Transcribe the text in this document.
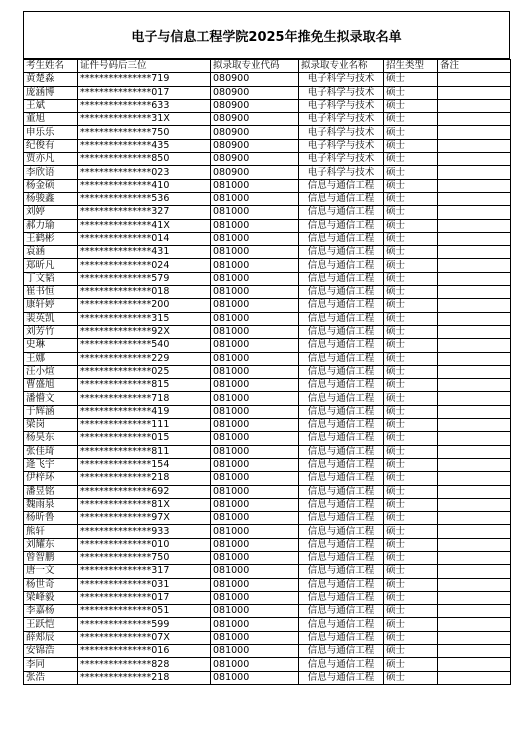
电子与信息工程学院2025年推免生拟录取名单
考生姓名	证件号码后三位	拟录取专业代码	拟录取专业名称	招生类型	备注
黄楚淼	***************719	080900	电子科学与技术	硕士	
庞涵博	***************017	080900	电子科学与技术	硕士	
王斌	***************633	080900	电子科学与技术	硕士	
董旭	***************31X	080900	电子科学与技术	硕士	
申乐乐	***************750	080900	电子科学与技术	硕士	
纪俊有	***************435	080900	电子科学与技术	硕士	
贾亦凡	***************850	080900	电子科学与技术	硕士	
李欣语	***************023	080900	电子科学与技术	硕士	
杨金硕	***************410	081000	信息与通信工程	硕士	
杨骏鑫	***************536	081000	信息与通信工程	硕士	
刘婷	***************327	081000	信息与通信工程	硕士	
郝力瑜	***************41X	081000	信息与通信工程	硕士	
王鹤彬	***************014	081000	信息与通信工程	硕士	
袁涵	***************431	081000	信息与通信工程	硕士	
郑昕凡	***************024	081000	信息与通信工程	硕士	
丁文韬	***************579	081000	信息与通信工程	硕士	
崔书恒	***************018	081000	信息与通信工程	硕士	
康轩婷	***************200	081000	信息与通信工程	硕士	
裴英凯	***************315	081000	信息与通信工程	硕士	
刘芳竹	***************92X	081000	信息与通信工程	硕士	
史琳	***************540	081000	信息与通信工程	硕士	
王娜	***************229	081000	信息与通信工程	硕士	
汪小煊	***************025	081000	信息与通信工程	硕士	
曹盛旭	***************815	081000	信息与通信工程	硕士	
潘懵文	***************718	081000	信息与通信工程	硕士	
于辉涵	***************419	081000	信息与通信工程	硕士	
梁岗	***************111	081000	信息与通信工程	硕士	
杨昊东	***************015	081000	信息与通信工程	硕士	
张佳琦	***************811	081000	信息与通信工程	硕士	
逄飞宇	***************154	081000	信息与通信工程	硕士	
伊梓环	***************218	081000	信息与通信工程	硕士	
潘昱铭	***************692	081000	信息与通信工程	硕士	
魏雨泉	***************81X	081000	信息与通信工程	硕士	
杨昕鲁	***************97X	081000	信息与通信工程	硕士	
熊轩	***************933	081000	信息与通信工程	硕士	
刘耀东	***************010	081000	信息与通信工程	硕士	
曾智鹏	***************750	081000	信息与通信工程	硕士	
唐一文	***************317	081000	信息与通信工程	硕士	
杨世奇	***************031	081000	信息与通信工程	硕士	
梁峰毅	***************017	081000	信息与通信工程	硕士	
李嘉杨	***************051	081000	信息与通信工程	硕士	
王跃恺	***************599	081000	信息与通信工程	硕士	
薛郏辰	***************07X	081000	信息与通信工程	硕士	
安锦浩	***************016	081000	信息与通信工程	硕士	
李同	***************828	081000	信息与通信工程	硕士	
张浩	***************218	081000	信息与通信工程	硕士	
